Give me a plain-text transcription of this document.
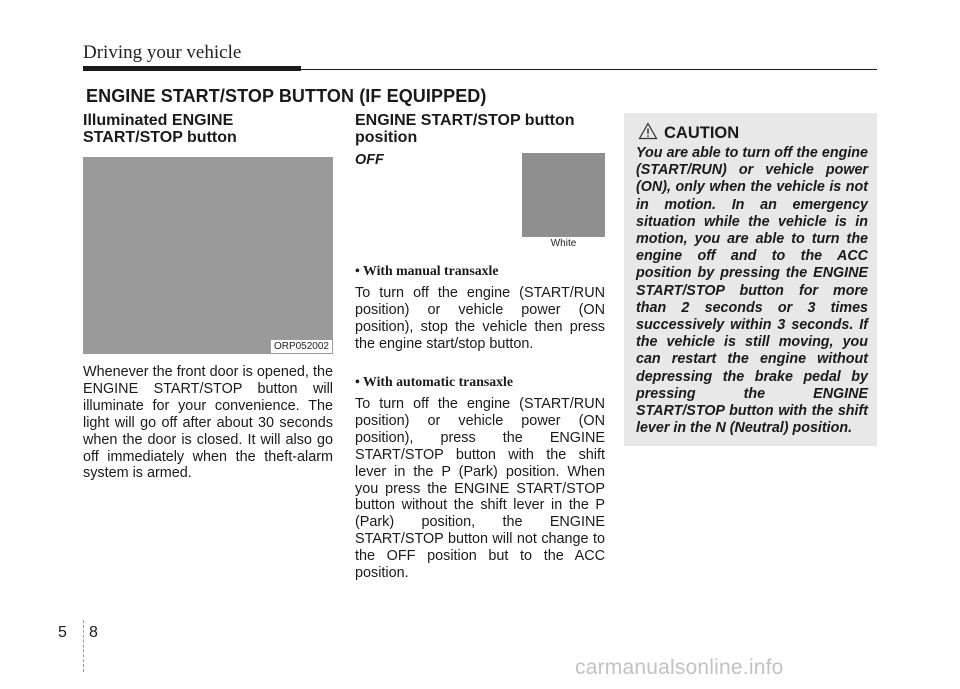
Driving your vehicle
ENGINE START/STOP BUTTON (IF EQUIPPED)
Illuminated ENGINE START/STOP button
ORP052002
Whenever the front door is opened, the ENGINE START/STOP button will illuminate for your convenience. The light will go off after about 30 seconds when the door is closed. It will also go off immediately when the theft-alarm system is armed.
ENGINE START/STOP button position
OFF
White
• With manual transaxle
To turn off the engine (START/RUN position) or vehicle power (ON position), stop the vehicle then press the engine start/stop button.
• With automatic transaxle
To turn off the engine (START/RUN position) or vehicle power (ON position), press the ENGINE START/STOP button with the shift lever in the P (Park) position. When you press the ENGINE START/STOP button without the shift lever in the P (Park) position, the ENGINE START/STOP button will not change to the OFF position but to the ACC position.
CAUTION
You are able to turn off the engine (START/RUN) or vehicle power (ON), only when the vehicle is not in motion. In an emergency situation while the vehicle is in motion, you are able to turn the engine off and to the ACC position by pressing the ENGINE START/STOP button for more than 2 seconds or 3 times successively within 3 seconds. If the vehicle is still moving, you can restart the engine without depressing the brake pedal by pressing the ENGINE START/STOP button with the shift lever in the N (Neutral) position.
5 8
carmanualsonline.info
